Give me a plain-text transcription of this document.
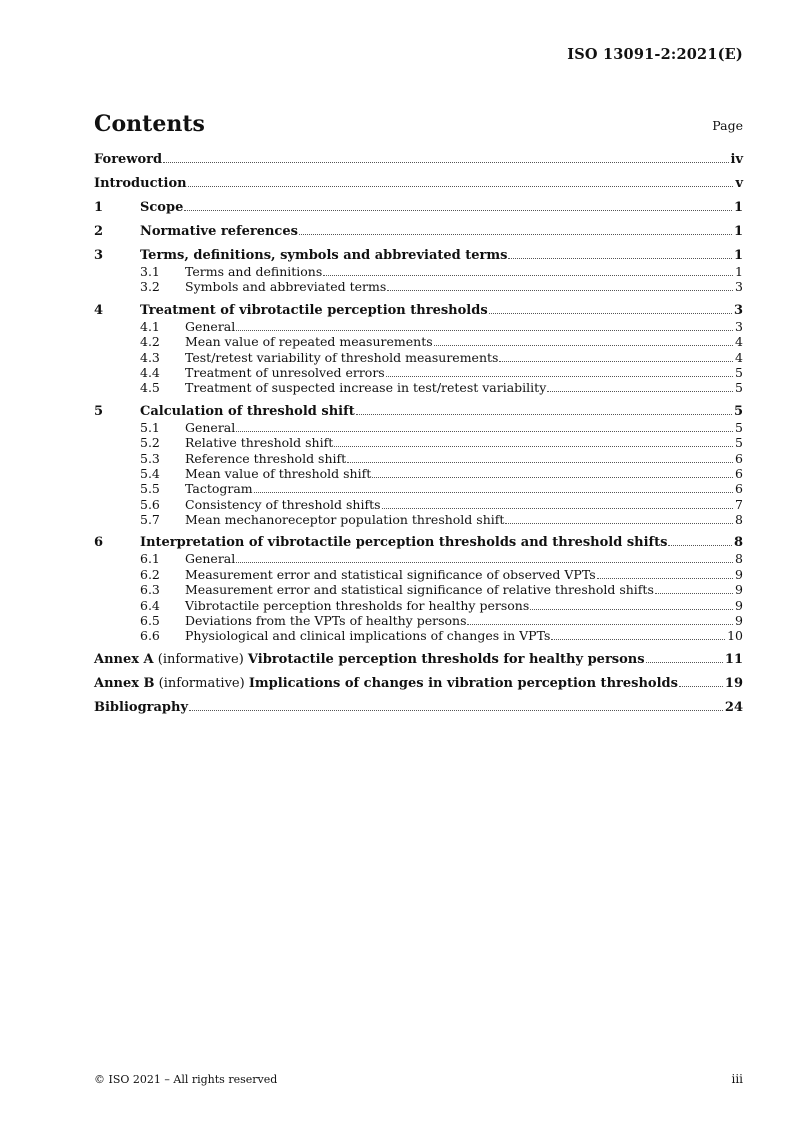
ISO 13091-2:2021(E)
Contents	Page
Foreword	iv
Introduction	v
1	Scope	1
2	Normative references	1
3	Terms, definitions, symbols and abbreviated terms	1
3.1	Terms and definitions	1
3.2	Symbols and abbreviated terms	3
4	Treatment of vibrotactile perception thresholds	3
4.1	General	3
4.2	Mean value of repeated measurements	4
4.3	Test/retest variability of threshold measurements	4
4.4	Treatment of unresolved errors	5
4.5	Treatment of suspected increase in test/retest variability	5
5	Calculation of threshold shift	5
5.1	General	5
5.2	Relative threshold shift	5
5.3	Reference threshold shift	6
5.4	Mean value of threshold shift	6
5.5	Tactogram	6
5.6	Consistency of threshold shifts	7
5.7	Mean mechanoreceptor population threshold shift	8
6	Interpretation of vibrotactile perception thresholds and threshold shifts	8
6.1	General	8
6.2	Measurement error and statistical significance of observed VPTs	9
6.3	Measurement error and statistical significance of relative threshold shifts	9
6.4	Vibrotactile perception thresholds for healthy persons	9
6.5	Deviations from the VPTs of healthy persons	9
6.6	Physiological and clinical implications of changes in VPTs	10
Annex A (informative) Vibrotactile perception thresholds for healthy persons	11
Annex B (informative) Implications of changes in vibration perception thresholds	19
Bibliography	24
© ISO 2021 – All rights reserved	iii
